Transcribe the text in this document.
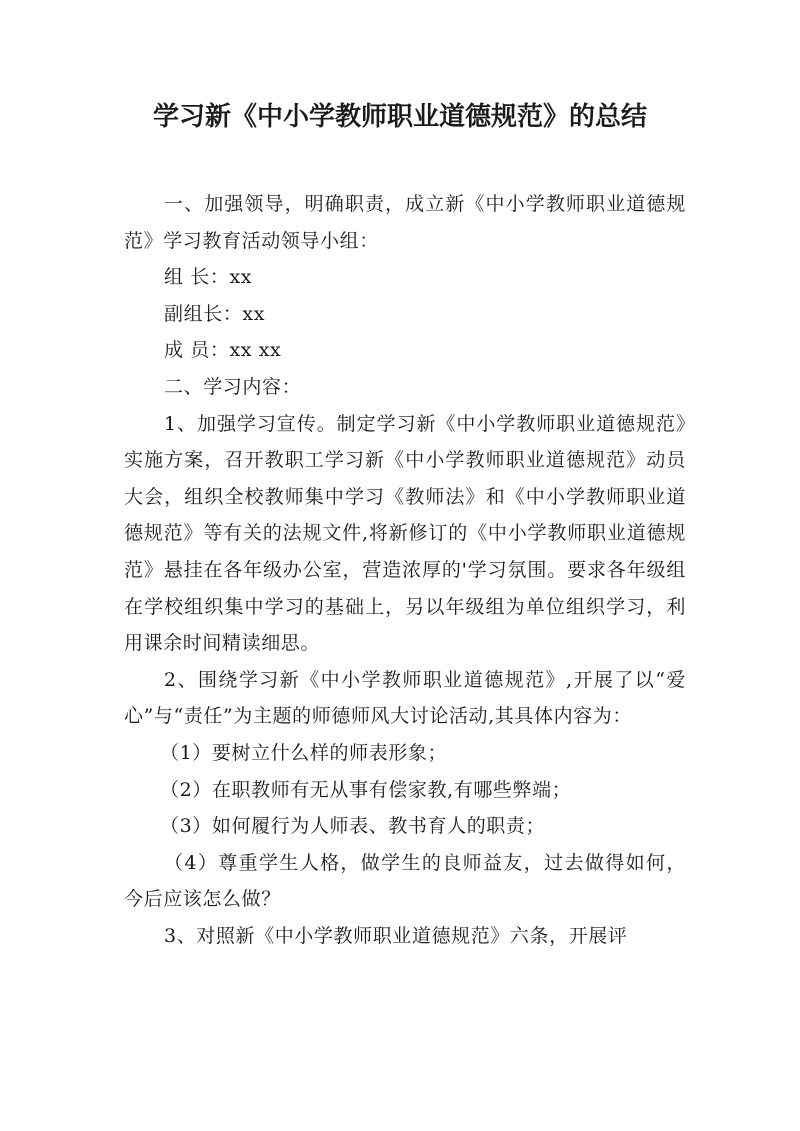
学习新《中小学教师职业道德规范》的总结

一、加强领导，明确职责，成立新《中小学教师职业道德规范》学习教育活动领导小组：

组 长：xx

副组长：xx

成 员：xx xx

二、学习内容：

1、加强学习宣传。制定学习新《中小学教师职业道德规范》实施方案，召开教职工学习新《中小学教师职业道德规范》动员大会，组织全校教师集中学习《教师法》和《中小学教师职业道德规范》等有关的法规文件,将新修订的《中小学教师职业道德规范》悬挂在各年级办公室，营造浓厚的'学习氛围。要求各年级组在学校组织集中学习的基础上，另以年级组为单位组织学习，利用课余时间精读细思。

2、围绕学习新《中小学教师职业道德规范》,开展了以“爱心”与“责任”为主题的师德师风大讨论活动,其具体内容为：

（1）要树立什么样的师表形象；

（2）在职教师有无从事有偿家教,有哪些弊端；

（3）如何履行为人师表、教书育人的职责；

（4）尊重学生人格，做学生的良师益友，过去做得如何，今后应该怎么做？

3、对照新《中小学教师职业道德规范》六条，开展评
